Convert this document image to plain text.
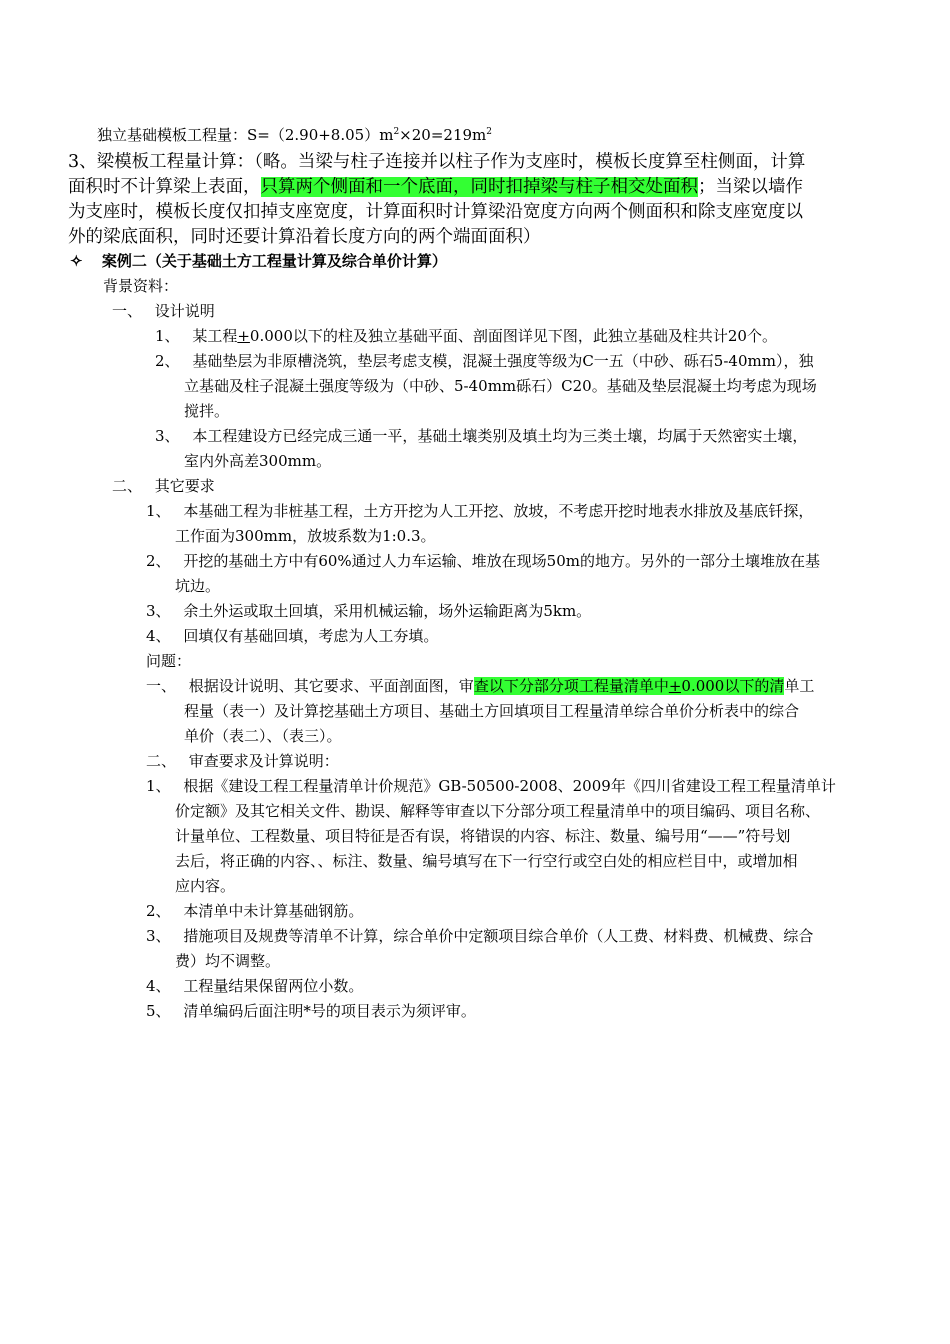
独立基础模板工程量：$S=(2.90+8.05)m^2\times 20=219m^2$
3、梁模板工程量计算：（略。当梁与柱子连接并以柱子作为支座时，模板长度算至柱侧面，计算
面积时不计算梁上表面，只算两个侧面和一个底面，同时扣掉梁与柱子相交处面积；当梁以墙作
为支座时，模板长度仅扣掉支座宽度，计算面积时计算梁沿宽度方向两个侧面积和除支座宽度以
外的梁底面积，同时还要计算沿着长度方向的两个端面面积）
✧ 案例二（关于基础土方工程量计算及综合单价计算）
背景资料：
一、 设计说明
1、 某工程+0.000以下的柱及独立基础平面、剖面图详见下图，此独立基础及柱共计20个。
2、 基础垫层为非原槽浇筑，垫层考虑支模，混凝土强度等级为C一五（中砂、砾石5-40mm），独
立基础及柱子混凝土强度等级为（中砂、5-40mm砾石）C20。基础及垫层混凝土均考虑为现场
搅拌。
3、 本工程建设方已经完成三通一平，基础土壤类别及填土均为三类土壤，均属于天然密实土壤，
室内外高差300mm。
二、 其它要求
1、 本基础工程为非桩基工程，土方开挖为人工开挖、放坡，不考虑开挖时地表水排放及基底钎探，
工作面为300mm，放坡系数为1:0.3。
2、 开挖的基础土方中有60%通过人力车运输、堆放在现场50m的地方。另外的一部分土壤堆放在基
坑边。
3、 余土外运或取土回填，采用机械运输，场外运输距离为5km。
4、 回填仅有基础回填，考虑为人工夯填。
问题：
一、 根据设计说明、其它要求、平面剖面图，审查以下分部分项工程量清单中+0.000以下的清单工
程量（表一）及计算挖基础土方项目、基础土方回填项目工程量清单综合单价分析表中的综合
单价（表二）、（表三）。
二、 审查要求及计算说明：
1、 根据《建设工程工程量清单计价规范》GB-50500-2008、2009年《四川省建设工程工程量清单计
价定额》及其它相关文件、勘误、解释等审查以下分部分项工程量清单中的项目编码、项目名称、
计量单位、工程数量、项目特征是否有误，将错误的内容、标注、数量、编号用“——”符号划
去后，将正确的内容、、标注、数量、编号填写在下一行空行或空白处的相应栏目中，或增加相
应内容。
2、 本清单中未计算基础钢筋。
3、 措施项目及规费等清单不计算，综合单价中定额项目综合单价（人工费、材料费、机械费、综合
费）均不调整。
4、 工程量结果保留两位小数。
5、 清单编码后面注明*号的项目表示为须评审。
